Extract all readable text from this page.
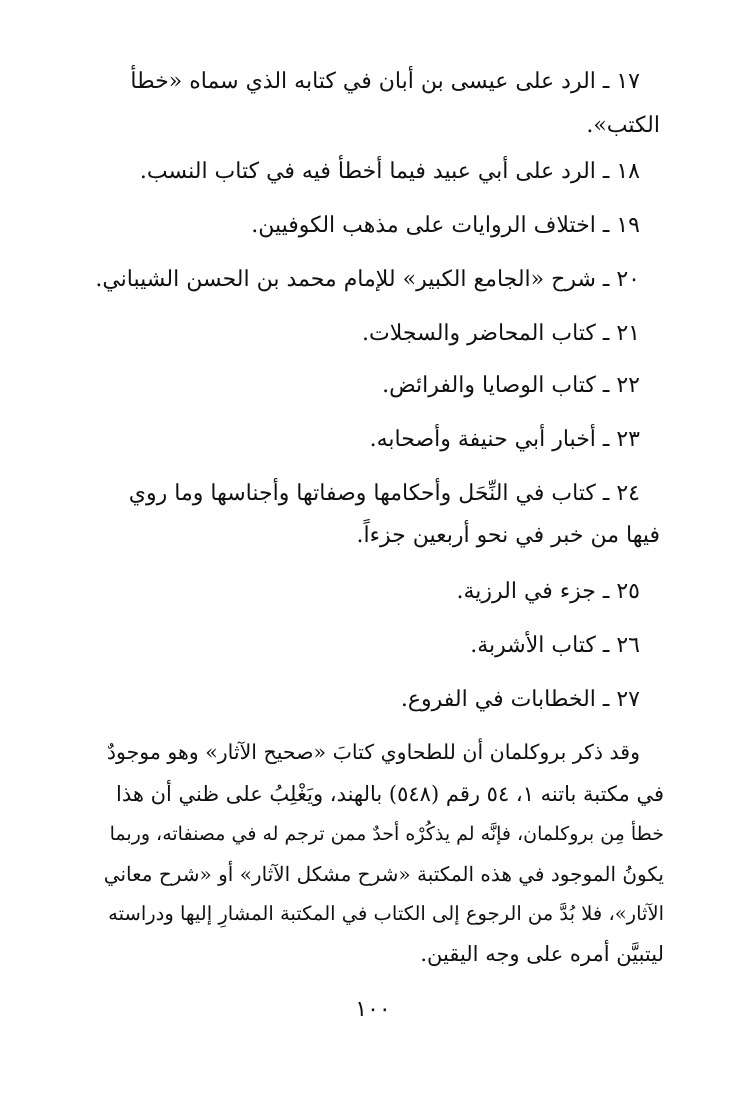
١٧ ـ الرد على عيسى بن أبان في كتابه الذي سماه «خطأ
الكتب».
١٨ ـ الرد على أبي عبيد فيما أخطأ فيه في كتاب النسب.
١٩ ـ اختلاف الروايات على مذهب الكوفيين.
٢٠ ـ شرح «الجامع الكبير» للإمام محمد بن الحسن الشيباني.
٢١ ـ كتاب المحاضر والسجلات.
٢٢ ـ كتاب الوصايا والفرائض.
٢٣ ـ أخبار أبي حنيفة وأصحابه.
٢٤ ـ كتاب في النِّحَل وأحكامها وصفاتها وأجناسها وما روي
فيها من خبر في نحو أربعين جزءاً.
٢٥ ـ جزء في الرزية.
٢٦ ـ كتاب الأشربة.
٢٧ ـ الخطابات في الفروع.
وقد ذكر بروكلمان أن للطحاوي كتابَ «صحيح الآثار» وهو موجودٌ
في مكتبة باتنه ١، ٥٤ رقم (٥٤٨) بالهند، ويَغْلِبُ على ظني أن هذا
خطأ مِن بروكلمان، فإنَّه لم يذكُرْه أحدٌ ممن ترجم له في مصنفاته، وربما
يكونُ الموجود في هذه المكتبة «شرح مشكل الآثار» أو «شرح معاني
الآثار»، فلا بُدَّ من الرجوع إلى الكتاب في المكتبة المشارِ إليها ودراسته
ليتبيَّن أمره على وجه اليقين.
١٠٠
